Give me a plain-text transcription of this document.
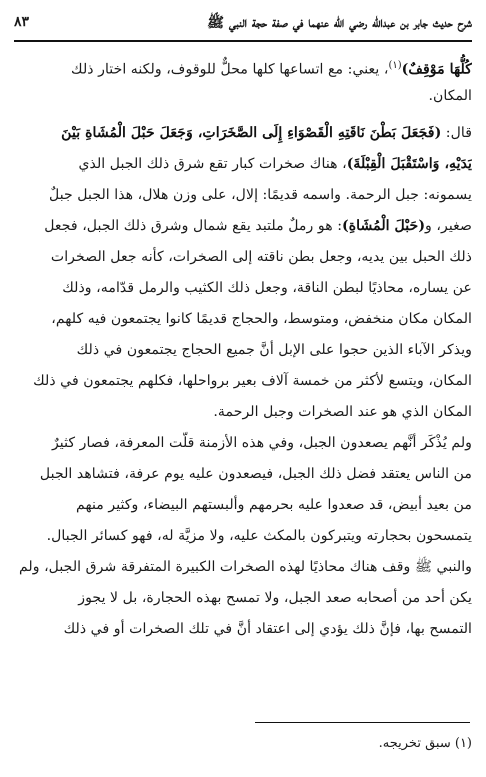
شرح حديث جابر بن عبدالله رضي الله عنهما في صفة حجة النبي ﷺ
٨٣
كُلُّهَا مَوْقِفٌ)$^{(١)}$، يعني: مع اتساعها كلها محلٌّ للوقوف، ولكنه اختار ذلك
المكان.
قال: (فَجَعَلَ بَطْنَ نَاقَتِهِ الْقَصْوَاءِ إِلَى الصَّخَرَاتِ، وَجَعَلَ حَبْلَ الْمُشَاةِ بَيْنَ
يَدَيْهِ، وَاسْتَقْبَلَ الْقِبْلَةَ)، هناك صخرات كبار تقع شرق ذلك الجبل الذي
يسمونه: جبل الرحمة. واسمه قديمًا: إلال، على وزن هلال، هذا الجبل جبلٌ
صغير، و(حَبْلَ الْمُشَاةِ): هو رملٌ ملتبد يقع شمال وشرق ذلك الجبل، فجعل
ذلك الحبل بين يديه، وجعل بطن ناقته إلى الصخرات، كأنه جعل الصخرات
عن يساره، محاذيًا لبطن الناقة، وجعل ذلك الكثيب والرمل قدّامه، وذلك
المكان مكان منخفض، ومتوسط، والحجاج قديمًا كانوا يجتمعون فيه كلهم،
ويذكر الآباء الذين حجوا على الإبل أنَّ جميع الحجاج يجتمعون في ذلك
المكان، ويتسع لأكثر من خمسة آلاف بعير برواحلها، فكلهم يجتمعون في ذلك
المكان الذي هو عند الصخرات وجبل الرحمة.
ولم يُذْكَر أنَّهم يصعدون الجبل، وفي هذه الأزمنة قلّت المعرفة، فصار كثيرٌ
من الناس يعتقد فضل ذلك الجبل، فيصعدون عليه يوم عرفة، فتشاهد الجبل
من بعيد أبيض، قد صعدوا عليه بحرمهم وألبستهم البيضاء، وكثير منهم
يتمسحون بحجارته ويتبركون بالمكث عليه، ولا مزيَّة له، فهو كسائر الجبال.
والنبي ﷺ وقف هناك محاذيًا لهذه الصخرات الكبيرة المتفرقة شرق الجبل، ولم
يكن أحد من أصحابه صعد الجبل، ولا تمسح بهذه الحجارة، بل لا يجوز
التمسح بها، فإنَّ ذلك يؤدي إلى اعتقاد أنَّ في تلك الصخرات أو في ذلك
(١) سبق تخريجه.
